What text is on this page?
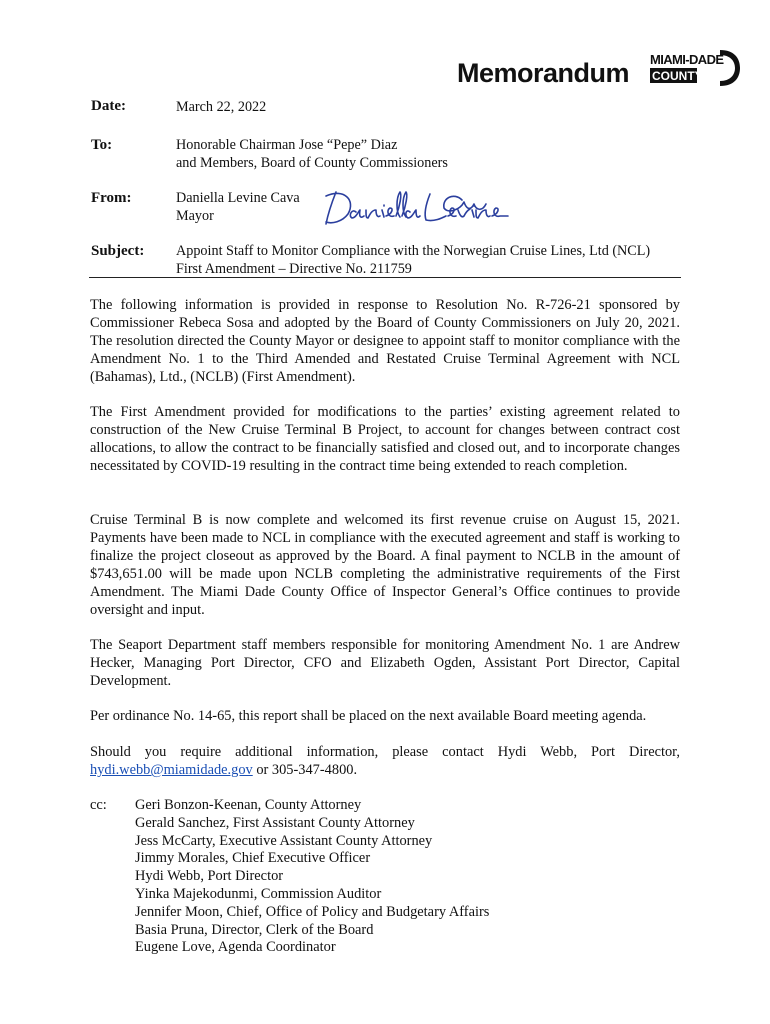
Memorandum MIAMI-DADE
COUNTY
Date:	March 22, 2022
To:	Honorable Chairman Jose “Pepe” Diaz
and Members, Board of County Commissioners
From:	Daniella Levine Cava
Mayor
Subject: Appoint Staff to Monitor Compliance with the Norwegian Cruise Lines, Ltd (NCL)
First Amendment – Directive No. 211759

The following information is provided in response to Resolution No. R-726-21 sponsored by Commissioner Rebeca Sosa and adopted by the Board of County Commissioners on July 20, 2021. The resolution directed the County Mayor or designee to appoint staff to monitor compliance with the Amendment No. 1 to the Third Amended and Restated Cruise Terminal Agreement with NCL (Bahamas), Ltd., (NCLB) (First Amendment).

The First Amendment provided for modifications to the parties’ existing agreement related to construction of the New Cruise Terminal B Project, to account for changes between contract cost allocations, to allow the contract to be financially satisfied and closed out, and to incorporate changes necessitated by COVID-19 resulting in the contract time being extended to reach completion.

Cruise Terminal B is now complete and welcomed its first revenue cruise on August 15, 2021. Payments have been made to NCL in compliance with the executed agreement and staff is working to finalize the project closeout as approved by the Board. A final payment to NCLB in the amount of $743,651.00 will be made upon NCLB completing the administrative requirements of the First Amendment. The Miami Dade County Office of Inspector General’s Office continues to provide oversight and input.

The Seaport Department staff members responsible for monitoring Amendment No. 1 are Andrew Hecker, Managing Port Director, CFO and Elizabeth Ogden, Assistant Port Director, Capital Development.

Per ordinance No. 14-65, this report shall be placed on the next available Board meeting agenda.

Should you require additional information, please contact Hydi Webb, Port Director, hydi.webb@miamidade.gov or 305-347-4800.

cc: Geri Bonzon-Keenan, County Attorney
Gerald Sanchez, First Assistant County Attorney
Jess McCarty, Executive Assistant County Attorney
Jimmy Morales, Chief Executive Officer
Hydi Webb, Port Director
Yinka Majekodunmi, Commission Auditor
Jennifer Moon, Chief, Office of Policy and Budgetary Affairs
Basia Pruna, Director, Clerk of the Board
Eugene Love, Agenda Coordinator
